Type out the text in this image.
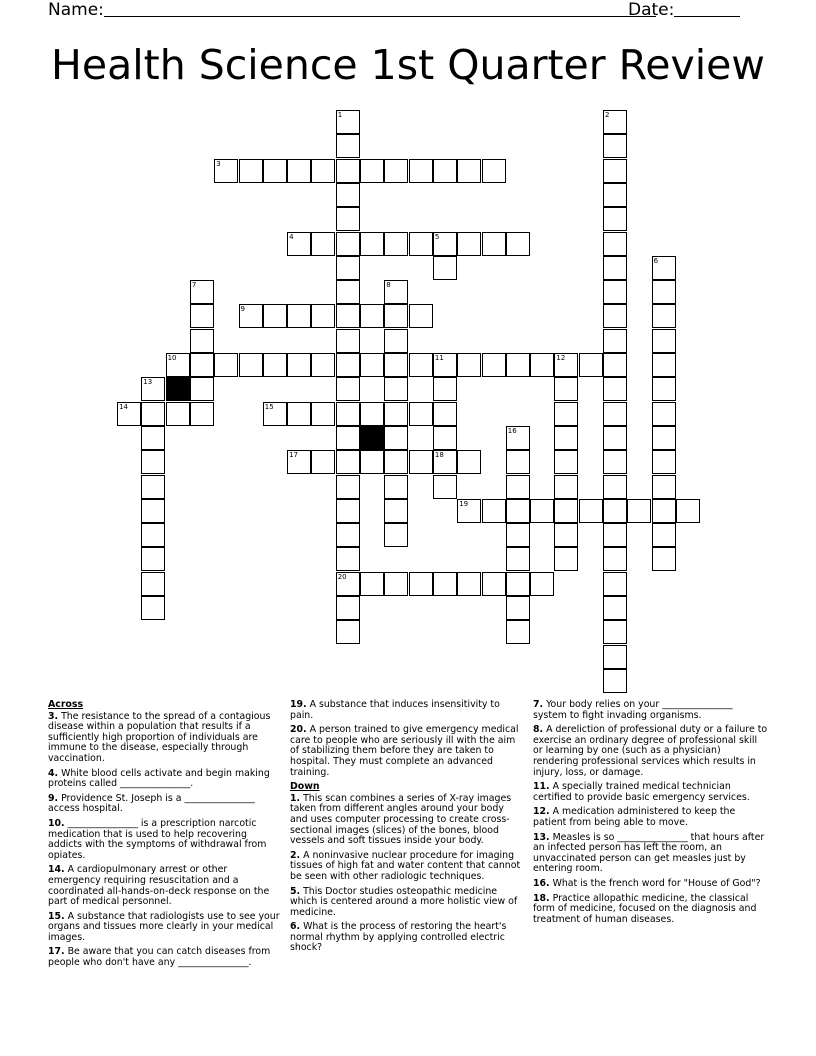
Name:	Date:
Health Science 1st Quarter Review
1
20
2
3
4	5
6
7	8
9
10	11	12
18
13
14	15
16
17
19
Across
3. The resistance to the spread of a contagious disease within a population that results if a sufficiently high proportion of individuals are immune to the disease, especially through vaccination.
4. White blood cells activate and begin making proteins called _______________.
9. Providence St. Joseph is a _______________ access hospital.
10. _______________ is a prescription narcotic medication that is used to help recovering addicts with the symptoms of withdrawal from opiates.
14. A cardiopulmonary arrest or other emergency requiring resuscitation and a coordinated all-hands-on-deck response on the part of medical personnel.
15. A substance that radiologists use to see your organs and tissues more clearly in your medical images.
17. Be aware that you can catch diseases from people who don't have any _______________.
19. A substance that induces insensitivity to pain.
20. A person trained to give emergency medical care to people who are seriously ill with the aim of stabilizing them before they are taken to hospital. They must complete an advanced training.
Down
1. This scan combines a series of X-ray images taken from different angles around your body and uses computer processing to create cross-sectional images (slices) of the bones, blood vessels and soft tissues inside your body.
2. A noninvasive nuclear procedure for imaging tissues of high fat and water content that cannot be seen with other radiologic techniques.
5. This Doctor studies osteopathic medicine which is centered around a more holistic view of medicine.
6. What is the process of restoring the heart's normal rhythm by applying controlled electric shock?
7. Your body relies on your _______________ system to fight invading organisms.
8. A dereliction of professional duty or a failure to exercise an ordinary degree of professional skill or learning by one (such as a physician) rendering professional services which results in injury, loss, or damage.
11. A specially trained medical technician certified to provide basic emergency services.
12. A medication administered to keep the patient from being able to move.
13. Measles is so _______________ that hours after an infected person has left the room, an unvaccinated person can get measles just by entering room.
16. What is the french word for "House of God"?
18. Practice allopathic medicine, the classical form of medicine, focused on the diagnosis and treatment of human diseases.
